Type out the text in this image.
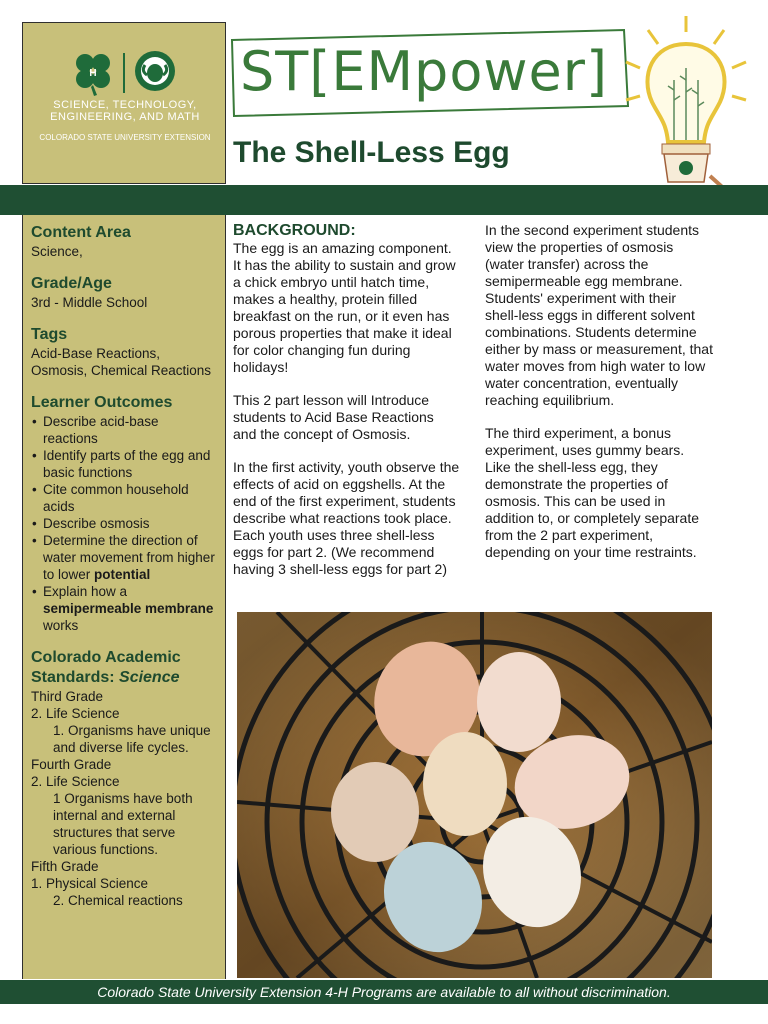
H
SCIENCE, TECHNOLOGY, ENGINEERING, AND MATH
COLORADO STATE UNIVERSITY EXTENSION
ST[EMpower]
The Shell-Less Egg
Content Area

Science,

Grade/Age

3rd - Middle School

Tags

Acid-Base Reactions, Osmosis, Chemical Reactions

Learner Outcomes
• Describe acid-base reactions
• Identify parts of the egg and basic functions
• Cite common household acids
• Describe osmosis
• Determine the direction of water movement from higher to lower potential
• Explain how a semipermeable membrane works
Colorado Academic Standards: Science
Third Grade
2. Life Science
1. Organisms have unique and diverse life cycles.
Fourth Grade
2. Life Science
1 Organisms have both internal and external structures that serve various functions.
Fifth Grade
1. Physical Science
2. Chemical reactions
BACKGROUND:

The egg is an amazing component. It has the ability to sustain and grow a chick embryo until hatch time, makes a healthy, protein filled breakfast on the run, or it even has porous properties that make it ideal for color changing fun during holidays!

This 2 part lesson will Introduce students to Acid Base Reactions and the concept of Osmosis.

In the first activity, youth observe the effects of acid on eggshells. At the end of the first experiment, students describe what reactions took place. Each youth uses three shell-less eggs for part 2. (We recommend having 3 shell-less eggs for part 2)

In the second experiment students view the properties of osmosis (water transfer) across the semipermeable egg membrane. Students' experiment with their shell-less eggs in different solvent combinations. Students determine either by mass or measurement, that water moves from high water to low water concentration, eventually reaching equilibrium.

The third experiment, a bonus experiment, uses gummy bears. Like the shell-less egg, they demonstrate the properties of osmosis. This can be used in addition to, or completely separate from the 2 part experiment, depending on your time restraints.

Colorado State University Extension 4-H Programs are available to all without discrimination.
